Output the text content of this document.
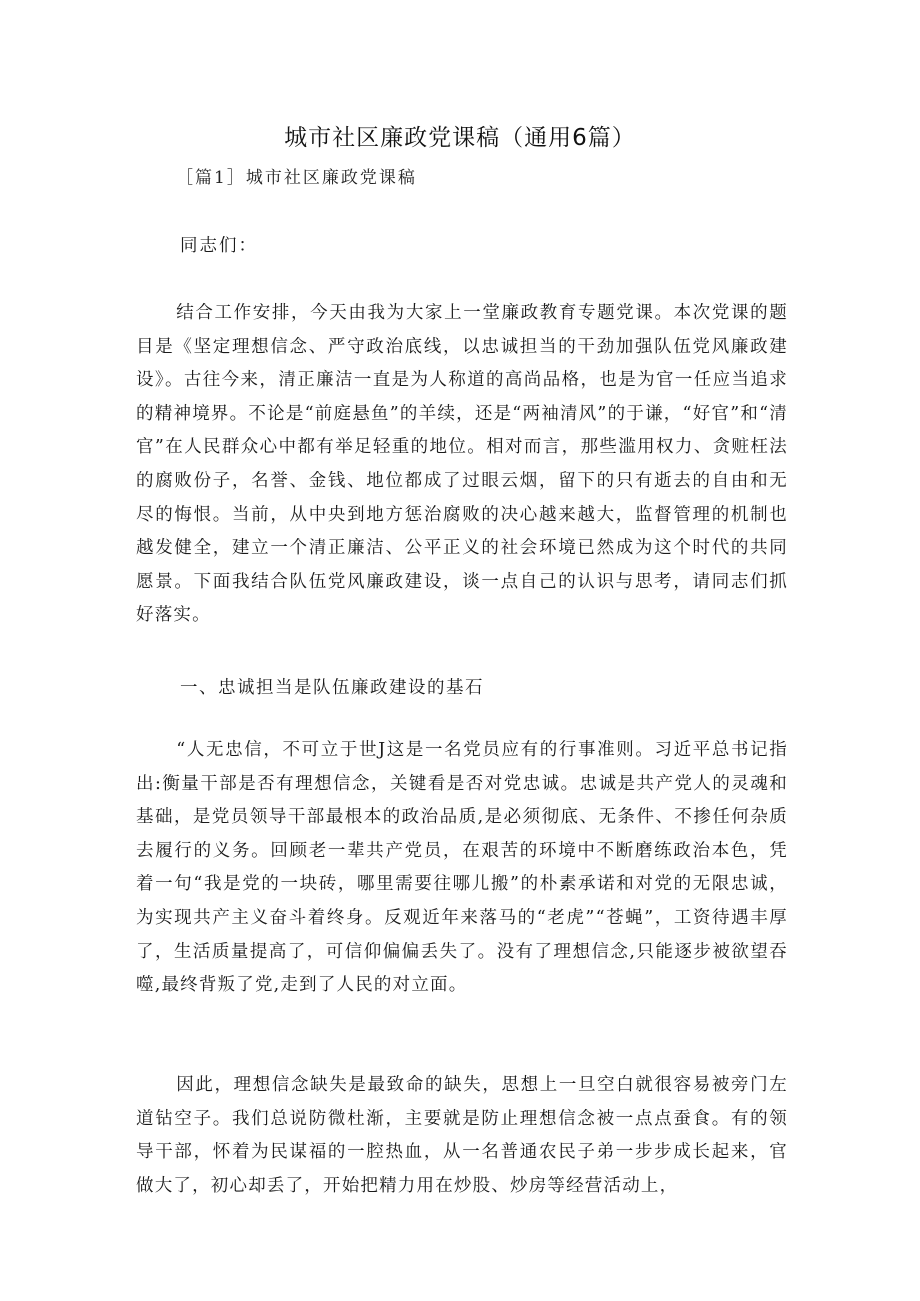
城市社区廉政党课稿（通用6篇）
［篇1］城市社区廉政党课稿
同志们：

结合工作安排，今天由我为大家上一堂廉政教育专题党课。本次党课的题目是《坚定理想信念、严守政治底线，以忠诚担当的干劲加强队伍党风廉政建设》。古往今来，清正廉洁一直是为人称道的高尚品格，也是为官一任应当追求的精神境界。不论是“前庭悬鱼”的羊续，还是“两袖清风”的于谦，“好官”和“清官”在人民群众心中都有举足轻重的地位。相对而言，那些滥用权力、贪赃枉法的腐败份子，名誉、金钱、地位都成了过眼云烟，留下的只有逝去的自由和无尽的悔恨。当前，从中央到地方惩治腐败的决心越来越大，监督管理的机制也越发健全，建立一个清正廉洁、公平正义的社会环境已然成为这个时代的共同愿景。下面我结合队伍党风廉政建设，谈一点自己的认识与思考，请同志们抓好落实。

一、忠诚担当是队伍廉政建设的基石

“人无忠信，不可立于世J这是一名党员应有的行事准则。习近平总书记指出:衡量干部是否有理想信念，关键看是否对党忠诚。忠诚是共产党人的灵魂和基础，是党员领导干部最根本的政治品质,是必须彻底、无条件、不掺任何杂质去履行的义务。回顾老一辈共产党员，在艰苦的环境中不断磨练政治本色，凭着一句“我是党的一块砖，哪里需要往哪儿搬”的朴素承诺和对党的无限忠诚，为实现共产主义奋斗着终身。反观近年来落马的“老虎”“苍蝇”，工资待遇丰厚了，生活质量提高了，可信仰偏偏丢失了。没有了理想信念,只能逐步被欲望吞噬,最终背叛了党,走到了人民的对立面。

因此，理想信念缺失是最致命的缺失，思想上一旦空白就很容易被旁门左道钻空子。我们总说防微杜渐，主要就是防止理想信念被一点点蚕食。有的领导干部，怀着为民谋福的一腔热血，从一名普通农民子弟一步步成长起来，官做大了，初心却丢了，开始把精力用在炒股、炒房等经营活动上，
